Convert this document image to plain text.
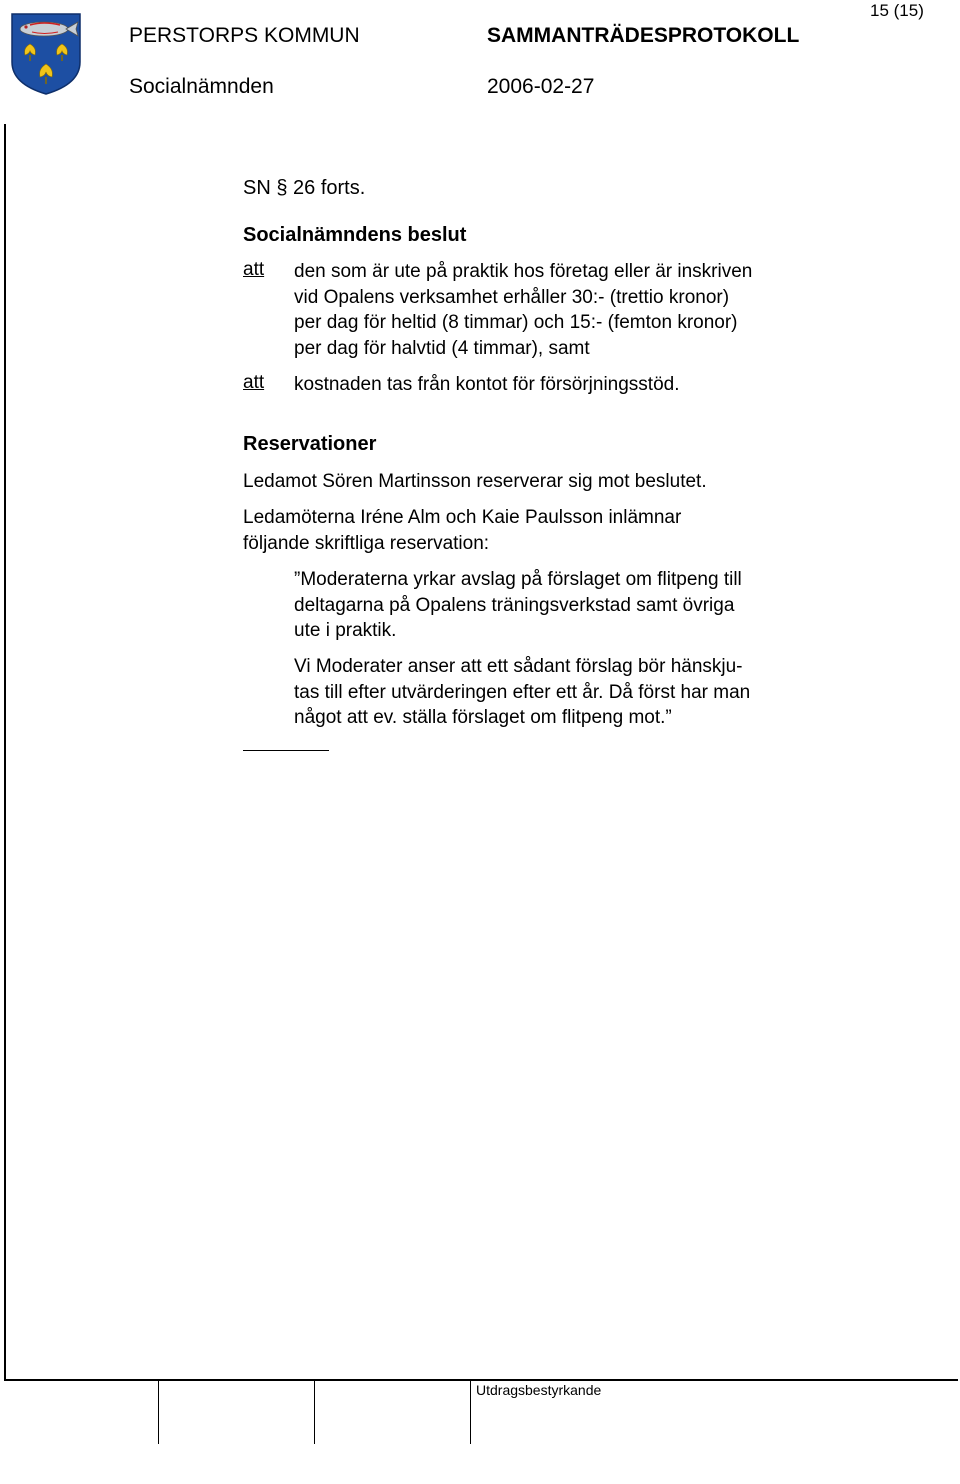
15 (15)
PERSTORPS KOMMUN	SAMMANTRÄDESPROTOKOLL
Socialnämnden	2006-02-27
SN § 26 forts.
Socialnämndens beslut
att den som är ute på praktik hos företag eller är inskriven
vid Opalens verksamhet erhåller 30:- (trettio kronor)
per dag för heltid (8 timmar) och 15:- (femton kronor)
per dag för halvtid (4 timmar), samt
att kostnaden tas från kontot för försörjningsstöd.
Reservationer
Ledamot Sören Martinsson reserverar sig mot beslutet.
Ledamöterna Iréne Alm och Kaie Paulsson inlämnar
följande skriftliga reservation:
”Moderaterna yrkar avslag på förslaget om flitpeng till
deltagarna på Opalens träningsverkstad samt övriga
ute i praktik.
Vi Moderater anser att ett sådant förslag bör hänskju-
tas till efter utvärderingen efter ett år. Då först har man
något att ev. ställa förslaget om flitpeng mot.”
Utdragsbestyrkande
